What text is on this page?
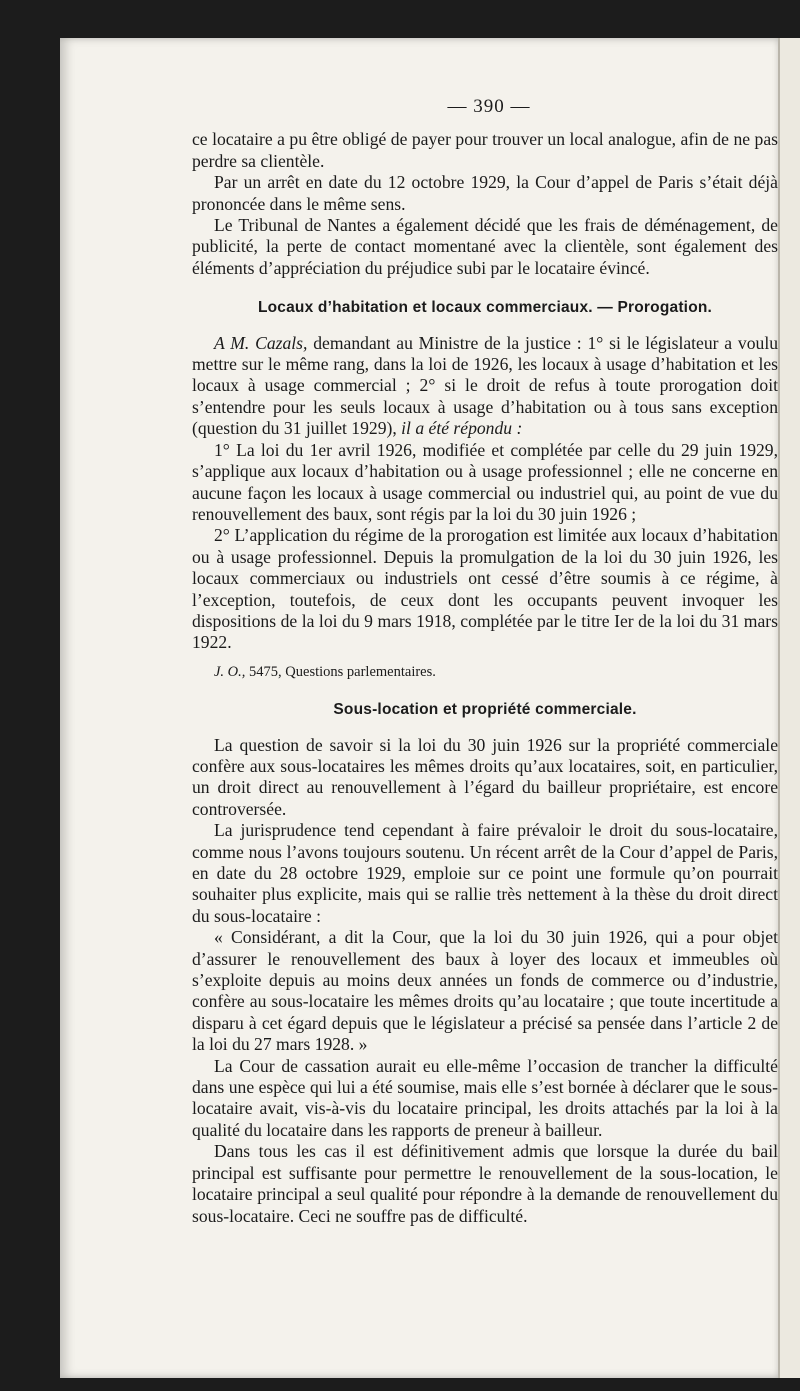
— 390 —

ce locataire a pu être obligé de payer pour trouver un local analogue, afin de ne pas perdre sa clientèle.

Par un arrêt en date du 12 octobre 1929, la Cour d’appel de Paris s’était déjà prononcée dans le même sens.

Le Tribunal de Nantes a également décidé que les frais de déménagement, de publicité, la perte de contact momentané avec la clientèle, sont également des éléments d’appréciation du préjudice subi par le locataire évincé.

Locaux d’habitation et locaux commerciaux. — Prorogation.

A M. Cazals, demandant au Ministre de la justice : 1° si le législateur a voulu mettre sur le même rang, dans la loi de 1926, les locaux à usage d’habitation et les locaux à usage commercial ; 2° si le droit de refus à toute prorogation doit s’entendre pour les seuls locaux à usage d’habitation ou à tous sans exception (question du 31 juillet 1929), il a été répondu :

1° La loi du 1er avril 1926, modifiée et complétée par celle du 29 juin 1929, s’applique aux locaux d’habitation ou à usage professionnel ; elle ne concerne en aucune façon les locaux à usage commercial ou industriel qui, au point de vue du renouvellement des baux, sont régis par la loi du 30 juin 1926 ;

2° L’application du régime de la prorogation est limitée aux locaux d’habitation ou à usage professionnel. Depuis la promulgation de la loi du 30 juin 1926, les locaux commerciaux ou industriels ont cessé d’être soumis à ce régime, à l’exception, toutefois, de ceux dont les occupants peuvent invoquer les dispositions de la loi du 9 mars 1918, complétée par le titre Ier de la loi du 31 mars 1922.

J. O., 5475, Questions parlementaires.

Sous-location et propriété commerciale.

La question de savoir si la loi du 30 juin 1926 sur la propriété commerciale confère aux sous-locataires les mêmes droits qu’aux locataires, soit, en particulier, un droit direct au renouvellement à l’égard du bailleur propriétaire, est encore controversée.

La jurisprudence tend cependant à faire prévaloir le droit du sous-locataire, comme nous l’avons toujours soutenu. Un récent arrêt de la Cour d’appel de Paris, en date du 28 octobre 1929, emploie sur ce point une formule qu’on pourrait souhaiter plus explicite, mais qui se rallie très nettement à la thèse du droit direct du sous-locataire :

« Considérant, a dit la Cour, que la loi du 30 juin 1926, qui a pour objet d’assurer le renouvellement des baux à loyer des locaux et immeubles où s’exploite depuis au moins deux années un fonds de commerce ou d’industrie, confère au sous-locataire les mêmes droits qu’au locataire ; que toute incertitude a disparu à cet égard depuis que le législateur a précisé sa pensée dans l’article 2 de la loi du 27 mars 1928. »

La Cour de cassation aurait eu elle-même l’occasion de trancher la difficulté dans une espèce qui lui a été soumise, mais elle s’est bornée à déclarer que le sous-locataire avait, vis-à-vis du locataire principal, les droits attachés par la loi à la qualité du locataire dans les rapports de preneur à bailleur.

Dans tous les cas il est définitivement admis que lorsque la durée du bail principal est suffisante pour permettre le renouvellement de la sous-location, le locataire principal a seul qualité pour répondre à la demande de renouvellement du sous-locataire. Ceci ne souffre pas de difficulté.
